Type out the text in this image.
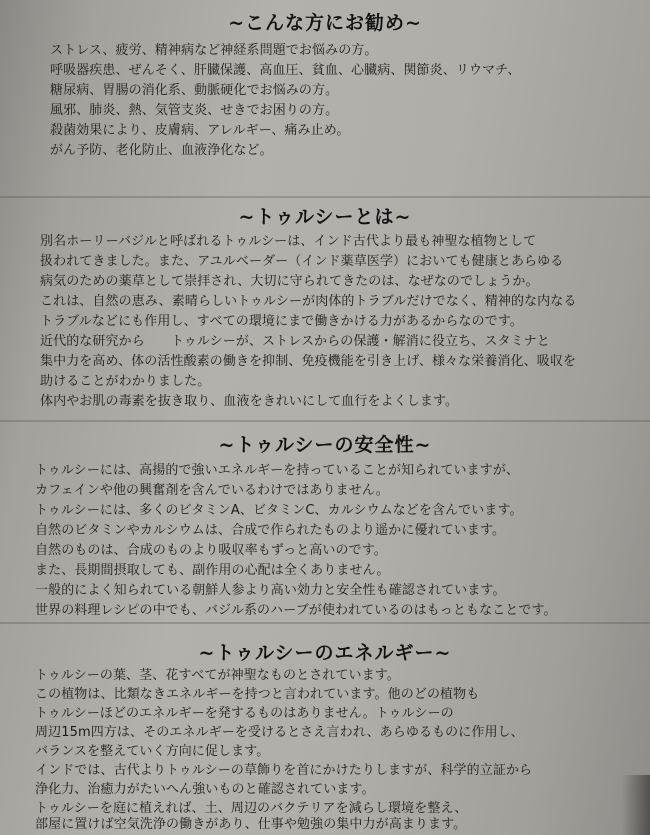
~こんな方にお勧め~
ストレス、疲労、精神病など神経系問題でお悩みの方。
呼吸器疾患、ぜんそく、肝臓保護、高血圧、貧血、心臓病、関節炎、リウマチ、
糖尿病、胃腸の消化系、動脈硬化でお悩みの方。
風邪、肺炎、熱、気管支炎、せきでお困りの方。
殺菌効果により、皮膚病、アレルギー、痛み止め。
がん予防、老化防止、血液浄化など。
~トゥルシーとは~
別名ホーリーバジルと呼ばれるトゥルシーは、インド古代より最も神聖な植物として
扱われてきました。また、アユルベーダー（インド薬草医学）においても健康とあらゆる
病気のための薬草として崇拝され、大切に守られてきたのは、なぜなのでしょうか。
これは、自然の恵み、素晴らしいトゥルシーが肉体的トラブルだけでなく、精神的な内なる
トラブルなどにも作用し、すべての環境にまで働きかける力があるからなのです。
近代的な研究から　　トゥルシーが、ストレスからの保護・解消に役立ち、スタミナと
集中力を高め、体の活性酸素の働きを抑制、免疫機能を引き上げ、様々な栄養消化、吸収を
助けることがわかりました。
体内やお肌の毒素を抜き取り、血液をきれいにして血行をよくします。
~トゥルシーの安全性~
トゥルシーには、高揚的で強いエネルギーを持っていることが知られていますが、
カフェインや他の興奮剤を含んでいるわけではありません。
トゥルシーには、多くのビタミンA、ビタミンC、カルシウムなどを含んでいます。
自然のビタミンやカルシウムは、合成で作られたものより遥かに優れています。
自然のものは、合成のものより吸収率もずっと高いのです。
また、長期間摂取しても、副作用の心配は全くありません。
一般的によく知られている朝鮮人参より高い効力と安全性も確認されています。
世界の料理レシピの中でも、バジル系のハーブが使われているのはもっともなことです。
~トゥルシーのエネルギー~
トゥルシーの葉、茎、花すべてが神聖なものとされています。
この植物は、比類なきエネルギーを持つと言われています。他のどの植物も
トゥルシーほどのエネルギーを発するものはありません。トゥルシーの
周辺15m四方は、そのエネルギーを受けるとさえ言われ、あらゆるものに作用し、
バランスを整えていく方向に促します。
インドでは、古代よりトゥルシーの草飾りを首にかけたりしますが、科学的立証から
浄化力、治癒力がたいへん強いものと確認されています。
トゥルシーを庭に植えれば、土、周辺のバクテリアを減らし環境を整え、
部屋に置けば空気洗浄の働きがあり、仕事や勉強の集中力が高まります。
